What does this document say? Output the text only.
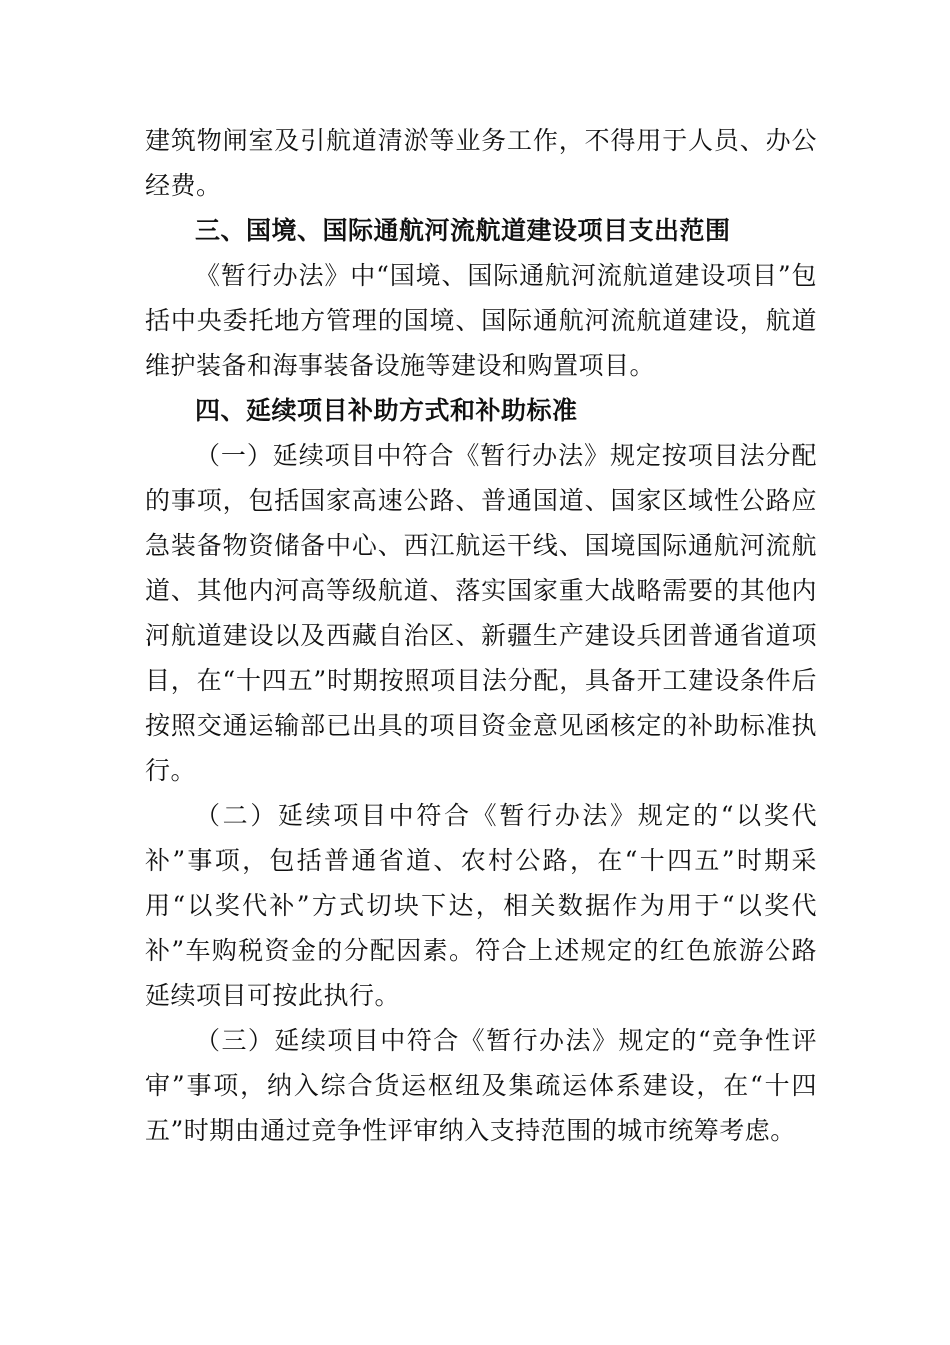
建筑物闸室及引航道清淤等业务工作，不得用于人员、办公经费。

三、国境、国际通航河流航道建设项目支出范围

《暂行办法》中“国境、国际通航河流航道建设项目”包括中央委托地方管理的国境、国际通航河流航道建设，航道维护装备和海事装备设施等建设和购置项目。

四、延续项目补助方式和补助标准

（一）延续项目中符合《暂行办法》规定按项目法分配的事项，包括国家高速公路、普通国道、国家区域性公路应急装备物资储备中心、西江航运干线、国境国际通航河流航道、其他内河高等级航道、落实国家重大战略需要的其他内河航道建设以及西藏自治区、新疆生产建设兵团普通省道项目，在“十四五”时期按照项目法分配，具备开工建设条件后按照交通运输部已出具的项目资金意见函核定的补助标准执行。

（二）延续项目中符合《暂行办法》规定的“以奖代补”事项，包括普通省道、农村公路，在“十四五”时期采用“以奖代补”方式切块下达，相关数据作为用于“以奖代补”车购税资金的分配因素。符合上述规定的红色旅游公路延续项目可按此执行。

（三）延续项目中符合《暂行办法》规定的“竞争性评审”事项，纳入综合货运枢纽及集疏运体系建设，在“十四五”时期由通过竞争性评审纳入支持范围的城市统筹考虑。
